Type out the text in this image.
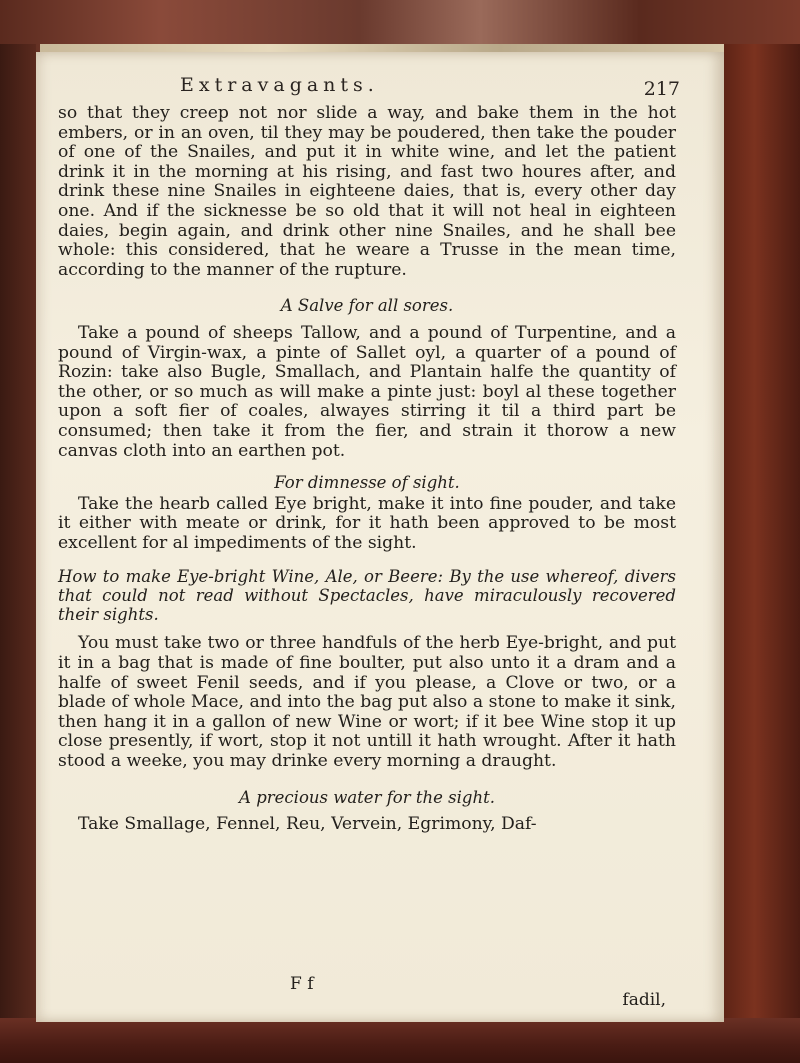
Extravagants.	217

so that they creep not nor slide a way, and bake them in the hot embers, or in an oven, til they may be poudered, then take the pouder of one of the Snailes, and put it in white wine, and let the patient drink it in the morning at his rising, and fast two houres after, and drink these nine Snailes in eighteene daies, that is, every other day one. And if the sicknesse be so old that it will not heal in eighteen daies, begin again, and drink other nine Snailes, and he shall bee whole: this considered, that he weare a Trusse in the mean time, according to the manner of the rupture.

A Salve for all sores.

Take a pound of sheeps Tallow, and a pound of Turpentine, and a pound of Virgin-wax, a pinte of Sallet oyl, a quarter of a pound of Rozin: take also Bugle, Smallach, and Plantain halfe the quantity of the other, or so much as will make a pinte just: boyl al these together upon a soft fier of coales, alwayes stirring it til a third part be consumed; then take it from the fier, and strain it thorow a new canvas cloth into an earthen pot.

For dimnesse of sight.

Take the hearb called Eye bright, make it into fine pouder, and take it either with meate or drink, for it hath been approved to be most excellent for al impediments of the sight.

How to make Eye-bright Wine, Ale, or Beere: By the use whereof, divers that could not read without Spectacles, have miraculously recovered their sights.

You must take two or three handfuls of the herb Eye-bright, and put it in a bag that is made of fine boulter, put also unto it a dram and a halfe of sweet Fenil seeds, and if you please, a Clove or two, or a blade of whole Mace, and into the bag put also a stone to make it sink, then hang it in a gallon of new Wine or wort; if it bee Wine stop it up close presently, if wort, stop it not untill it hath wrought. After it hath stood a weeke, you may drinke every morning a draught.

A precious water for the sight.

Take Smallage, Fennel, Reu, Vervein, Egrimony, Daf-

F f
fadil,
